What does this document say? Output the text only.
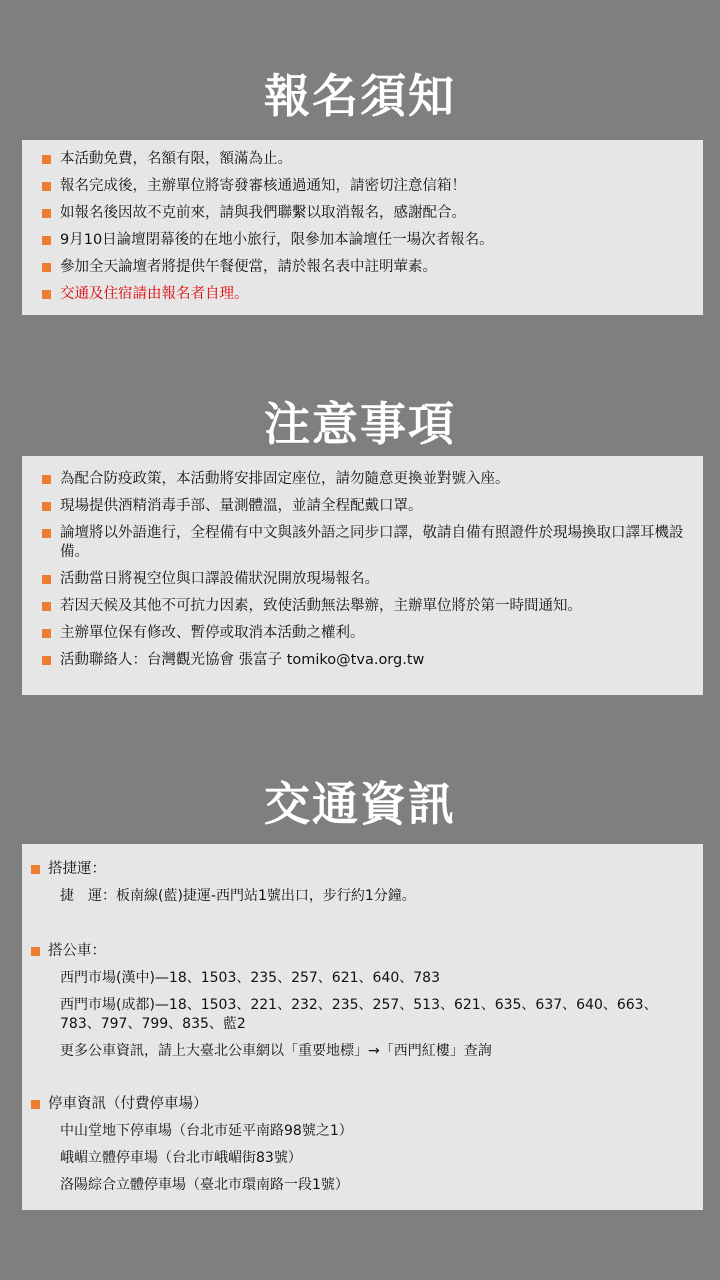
報名須知
本活動免費，名額有限，額滿為止。
報名完成後，主辦單位將寄發審核通過通知，請密切注意信箱！
如報名後因故不克前來，請與我們聯繫以取消報名，感謝配合。
9月10日論壇閉幕後的在地小旅行，限參加本論壇任一場次者報名。
參加全天論壇者將提供午餐便當，請於報名表中註明葷素。
交通及住宿請由報名者自理。
注意事項
為配合防疫政策，本活動將安排固定座位，請勿隨意更換並對號入座。
現場提供酒精消毒手部、量測體溫，並請全程配戴口罩。
論壇將以外語進行，全程備有中文與該外語之同步口譯，敬請自備有照證件於現場換取口譯耳機設備。
活動當日將視空位與口譯設備狀況開放現場報名。
若因天候及其他不可抗力因素，致使活動無法舉辦，主辦單位將於第一時間通知。
主辦單位保有修改、暫停或取消本活動之權利。
活動聯絡人：台灣觀光協會 張富子 tomiko@tva.org.tw
交通資訊
搭捷運：
捷　運：板南線(藍)捷運-西門站1號出口，步行約1分鐘。
搭公車：
西門市場(漢中)—18、1503、235、257、621、640、783
西門市場(成都)—18、1503、221、232、235、257、513、621、635、637、640、663、783、797、799、835、藍2
更多公車資訊，請上大臺北公車網以「重要地標」→「西門紅樓」查詢
停車資訊（付費停車場）
中山堂地下停車場（台北市延平南路98號之1）
峨嵋立體停車場（台北市峨嵋街83號）
洛陽綜合立體停車場（臺北市環南路一段1號）
